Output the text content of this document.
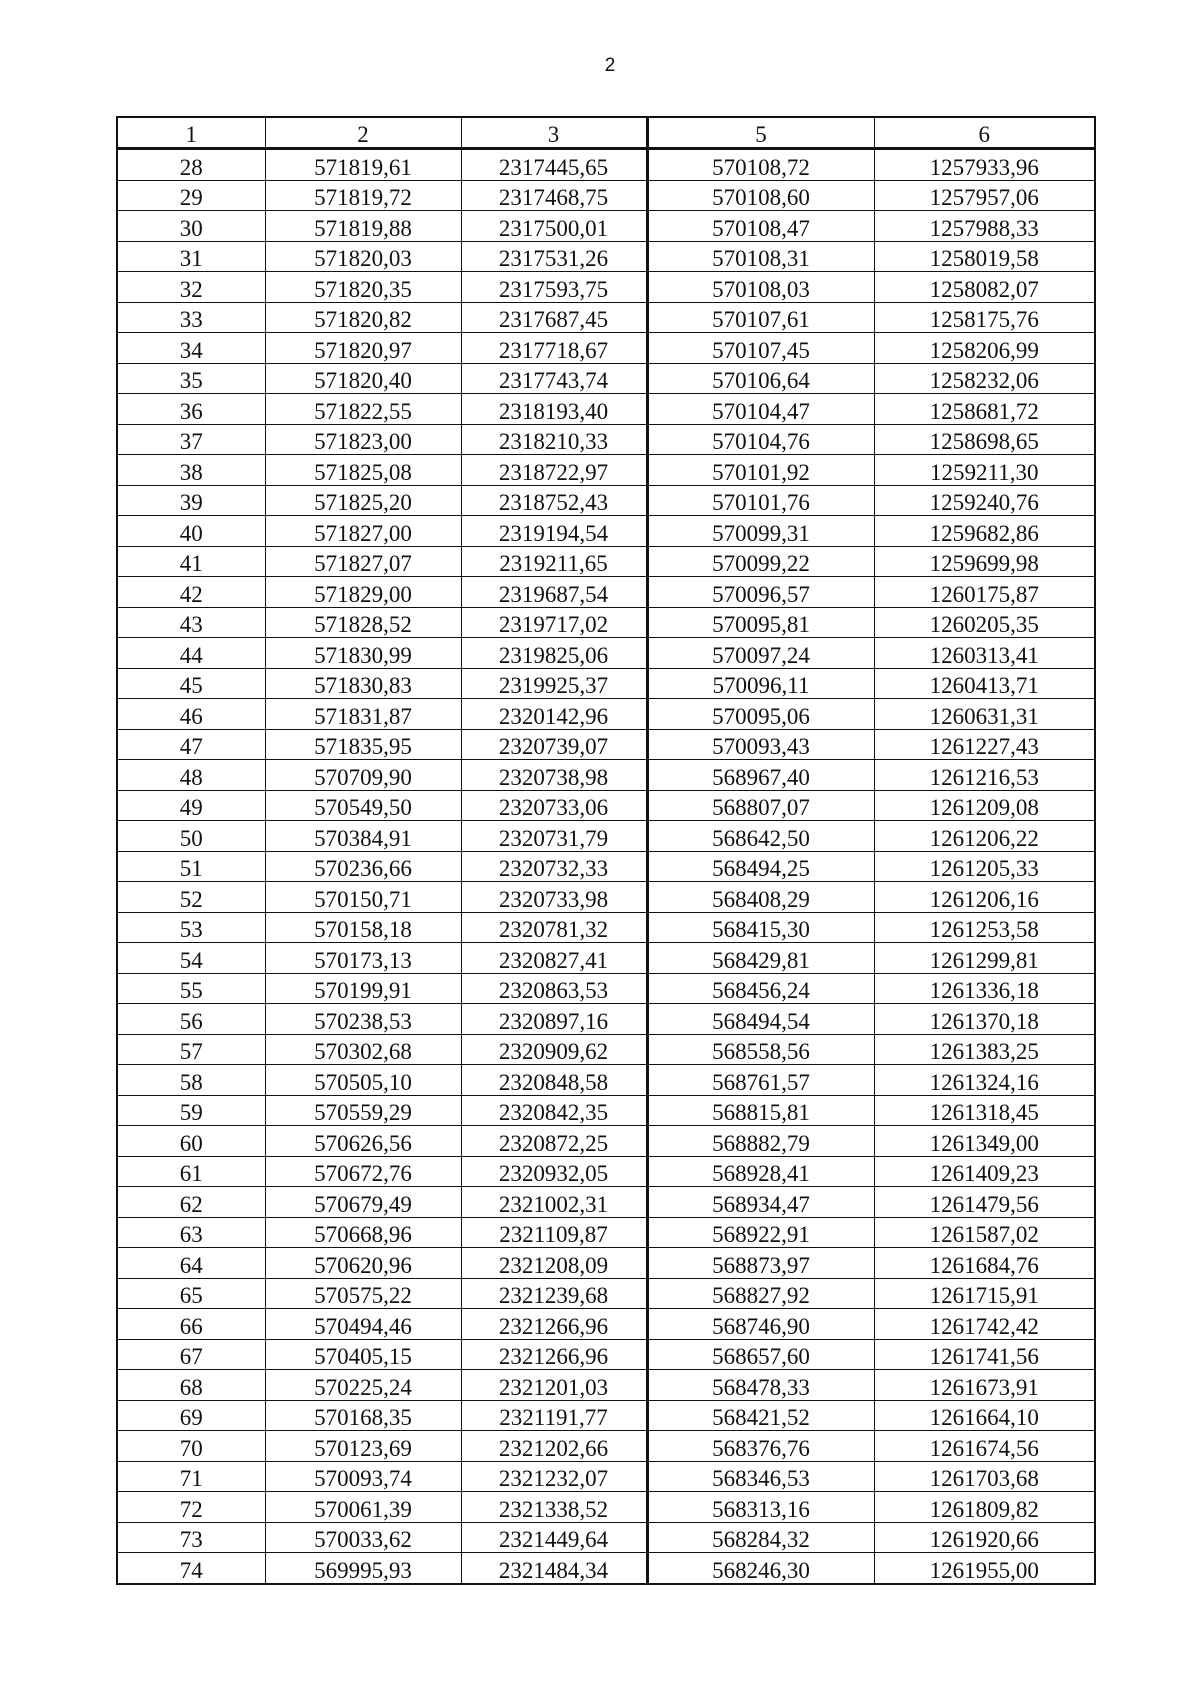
2
1	2	3	5	6
28	571819,61	2317445,65	570108,72	1257933,96
29	571819,72	2317468,75	570108,60	1257957,06
30	571819,88	2317500,01	570108,47	1257988,33
31	571820,03	2317531,26	570108,31	1258019,58
32	571820,35	2317593,75	570108,03	1258082,07
33	571820,82	2317687,45	570107,61	1258175,76
34	571820,97	2317718,67	570107,45	1258206,99
35	571820,40	2317743,74	570106,64	1258232,06
36	571822,55	2318193,40	570104,47	1258681,72
37	571823,00	2318210,33	570104,76	1258698,65
38	571825,08	2318722,97	570101,92	1259211,30
39	571825,20	2318752,43	570101,76	1259240,76
40	571827,00	2319194,54	570099,31	1259682,86
41	571827,07	2319211,65	570099,22	1259699,98
42	571829,00	2319687,54	570096,57	1260175,87
43	571828,52	2319717,02	570095,81	1260205,35
44	571830,99	2319825,06	570097,24	1260313,41
45	571830,83	2319925,37	570096,11	1260413,71
46	571831,87	2320142,96	570095,06	1260631,31
47	571835,95	2320739,07	570093,43	1261227,43
48	570709,90	2320738,98	568967,40	1261216,53
49	570549,50	2320733,06	568807,07	1261209,08
50	570384,91	2320731,79	568642,50	1261206,22
51	570236,66	2320732,33	568494,25	1261205,33
52	570150,71	2320733,98	568408,29	1261206,16
53	570158,18	2320781,32	568415,30	1261253,58
54	570173,13	2320827,41	568429,81	1261299,81
55	570199,91	2320863,53	568456,24	1261336,18
56	570238,53	2320897,16	568494,54	1261370,18
57	570302,68	2320909,62	568558,56	1261383,25
58	570505,10	2320848,58	568761,57	1261324,16
59	570559,29	2320842,35	568815,81	1261318,45
60	570626,56	2320872,25	568882,79	1261349,00
61	570672,76	2320932,05	568928,41	1261409,23
62	570679,49	2321002,31	568934,47	1261479,56
63	570668,96	2321109,87	568922,91	1261587,02
64	570620,96	2321208,09	568873,97	1261684,76
65	570575,22	2321239,68	568827,92	1261715,91
66	570494,46	2321266,96	568746,90	1261742,42
67	570405,15	2321266,96	568657,60	1261741,56
68	570225,24	2321201,03	568478,33	1261673,91
69	570168,35	2321191,77	568421,52	1261664,10
70	570123,69	2321202,66	568376,76	1261674,56
71	570093,74	2321232,07	568346,53	1261703,68
72	570061,39	2321338,52	568313,16	1261809,82
73	570033,62	2321449,64	568284,32	1261920,66
74	569995,93	2321484,34	568246,30	1261955,00
